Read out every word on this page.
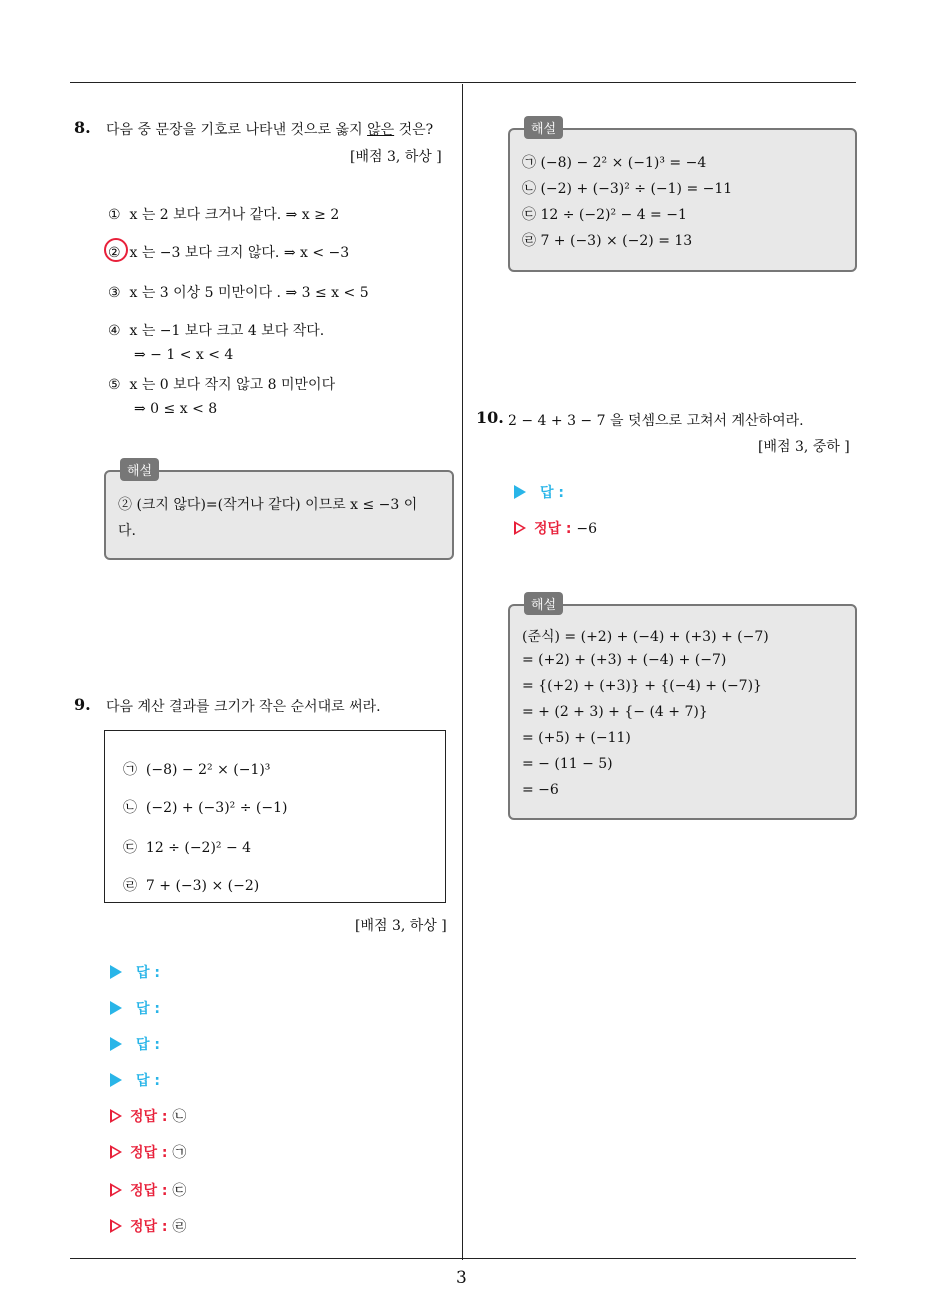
3
8. 다음 중 문장을 기호로 나타낸 것으로 옳지 않은 것은?
[배점 3, 하상 ]
① x 는 2 보다 크거나 같다. ⇒ x ≥ 2
② x 는 −3 보다 크지 않다. ⇒ x < −3
③ x 는 3 이상 5 미만이다 . ⇒ 3 ≤ x < 5
④ x 는 −1 보다 크고 4 보다 작다.
⇒ − 1 < x < 4
⑤ x 는 0 보다 작지 않고 8 미만이다
⇒ 0 ≤ x < 8
② (크지 않다)=(작거나 같다) 이므로 x ≤ −3 이
다.
해설
9. 다음 계산 결과를 크기가 작은 순서대로 써라.
㉠ (−8) − 2² × (−1)³
㉡ (−2) + (−3)² ÷ (−1)
㉢ 12 ÷ (−2)² − 4
㉣ 7 + (−3) × (−2)
[배점 3, 하상 ]
답 :
답 :
답 :
답 :
정답 : ㉡
정답 : ㉠
정답 : ㉢
정답 : ㉣
㉠ (−8) − 2² × (−1)³ = −4
㉡ (−2) + (−3)² ÷ (−1) = −11
㉢ 12 ÷ (−2)² − 4 = −1
㉣ 7 + (−3) × (−2) = 13
해설
10. 2 − 4 + 3 − 7 을 덧셈으로 고쳐서 계산하여라.
[배점 3, 중하 ]
답 :
정답 : −6
(준식) = (+2) + (−4) + (+3) + (−7)
= (+2) + (+3) + (−4) + (−7)
= {(+2) + (+3)} + {(−4) + (−7)}
= + (2 + 3) + {− (4 + 7)}
= (+5) + (−11)
= − (11 − 5)
= −6
해설
